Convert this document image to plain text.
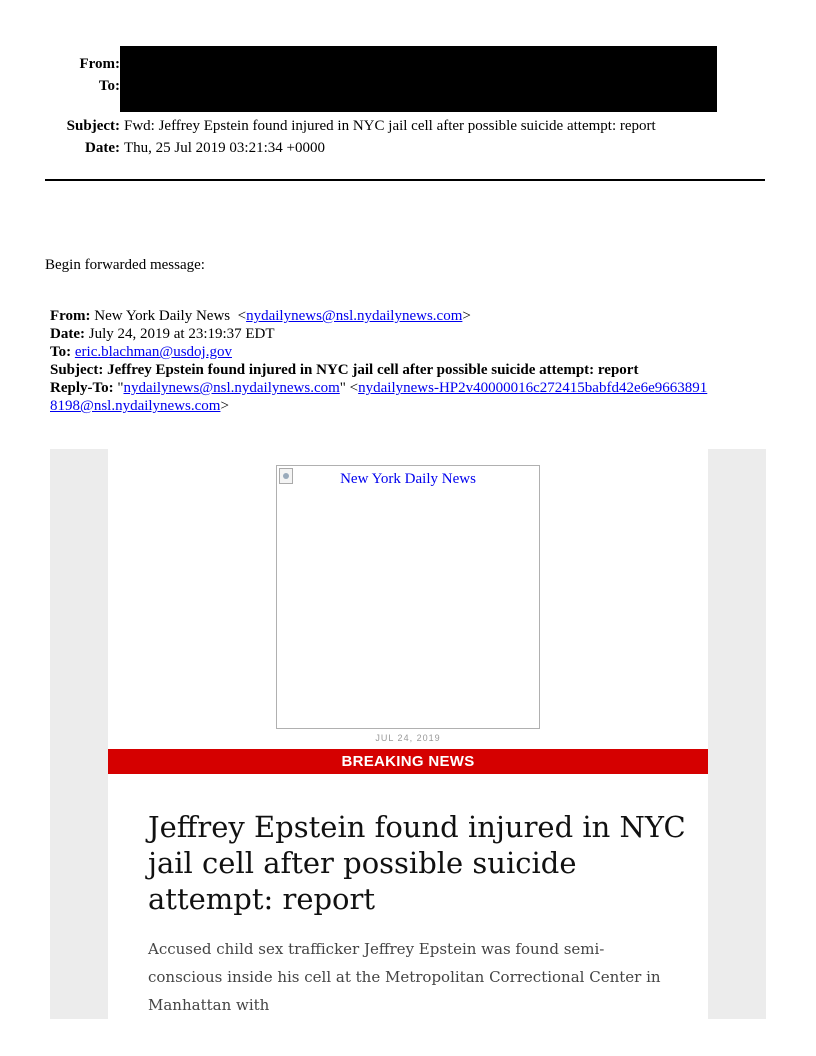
From:
To:
Subject: Fwd: Jeffrey Epstein found injured in NYC jail cell after possible suicide attempt: report
Date: Thu, 25 Jul 2019 03:21:34 +0000
Begin forwarded message:
From: New York Daily News  <nydailynews@nsl.nydailynews.com>
Date: July 24, 2019 at 23:19:37 EDT
To: eric.blachman@usdoj.gov
Subject: Jeffrey Epstein found injured in NYC jail cell after possible suicide attempt: report
Reply-To: "nydailynews@nsl.nydailynews.com" <nydailynews-HP2v40000016c272415babfd42e6e96638918198@nsl.nydailynews.com>
New York Daily News
JUL 24, 2019
BREAKING NEWS
Jeffrey Epstein found injured in NYC jail cell after possible suicide attempt: report
Accused child sex trafficker Jeffrey Epstein was found semi-conscious inside his cell at the Metropolitan Correctional Center in Manhattan with
